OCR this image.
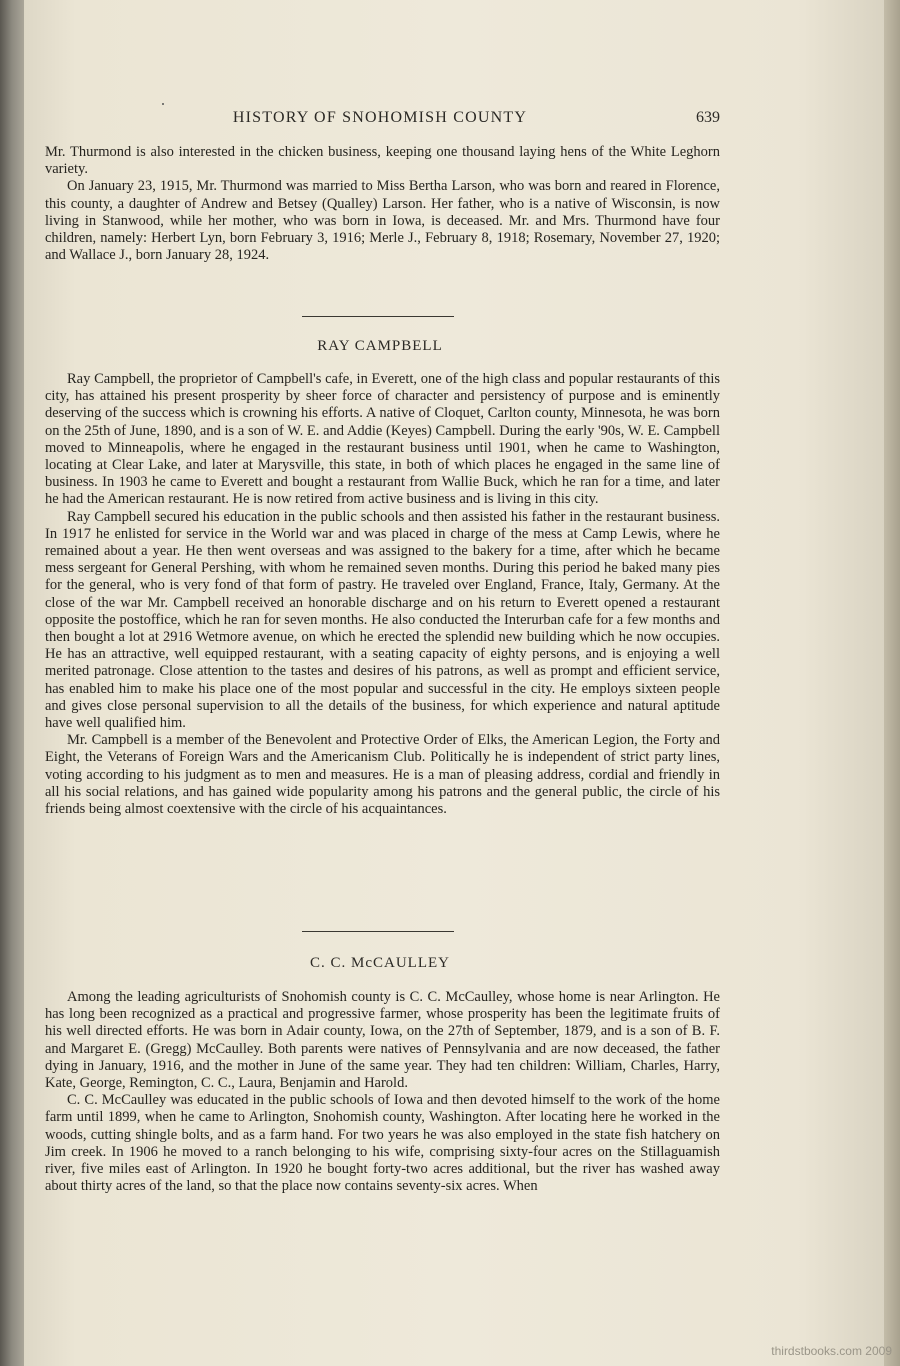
HISTORY OF SNOHOMISH COUNTY	639

Mr. Thurmond is also interested in the chicken business, keeping one thousand laying hens of the White Leghorn variety.

On January 23, 1915, Mr. Thurmond was married to Miss Bertha Larson, who was born and reared in Florence, this county, a daughter of Andrew and Betsey (Qualley) Larson. Her father, who is a native of Wisconsin, is now living in Stanwood, while her mother, who was born in Iowa, is deceased. Mr. and Mrs. Thurmond have four children, namely: Herbert Lyn, born February 3, 1916; Merle J., February 8, 1918; Rosemary, November 27, 1920; and Wallace J., born January 28, 1924.

RAY CAMPBELL

Ray Campbell, the proprietor of Campbell's cafe, in Everett, one of the high class and popular restaurants of this city, has attained his present prosperity by sheer force of character and persistency of purpose and is eminently deserving of the success which is crowning his efforts. A native of Cloquet, Carlton county, Minnesota, he was born on the 25th of June, 1890, and is a son of W. E. and Addie (Keyes) Campbell. During the early '90s, W. E. Campbell moved to Minneapolis, where he engaged in the restaurant business until 1901, when he came to Washington, locating at Clear Lake, and later at Marysville, this state, in both of which places he engaged in the same line of business. In 1903 he came to Everett and bought a restaurant from Wallie Buck, which he ran for a time, and later he had the American restaurant. He is now retired from active business and is living in this city.

Ray Campbell secured his education in the public schools and then assisted his father in the restaurant business. In 1917 he enlisted for service in the World war and was placed in charge of the mess at Camp Lewis, where he remained about a year. He then went overseas and was assigned to the bakery for a time, after which he became mess sergeant for General Pershing, with whom he remained seven months. During this period he baked many pies for the general, who is very fond of that form of pastry. He traveled over England, France, Italy, Germany. At the close of the war Mr. Campbell received an honorable discharge and on his return to Everett opened a restaurant opposite the postoffice, which he ran for seven months. He also conducted the Interurban cafe for a few months and then bought a lot at 2916 Wetmore avenue, on which he erected the splendid new building which he now occupies. He has an attractive, well equipped restaurant, with a seating capacity of eighty persons, and is enjoying a well merited patronage. Close attention to the tastes and desires of his patrons, as well as prompt and efficient service, has enabled him to make his place one of the most popular and successful in the city. He employs sixteen people and gives close personal supervision to all the details of the business, for which experience and natural aptitude have well qualified him.

Mr. Campbell is a member of the Benevolent and Protective Order of Elks, the American Legion, the Forty and Eight, the Veterans of Foreign Wars and the Americanism Club. Politically he is independent of strict party lines, voting according to his judgment as to men and measures. He is a man of pleasing address, cordial and friendly in all his social relations, and has gained wide popularity among his patrons and the general public, the circle of his friends being almost coextensive with the circle of his acquaintances.

C. C. McCAULLEY

Among the leading agriculturists of Snohomish county is C. C. McCaulley, whose home is near Arlington. He has long been recognized as a practical and progressive farmer, whose prosperity has been the legitimate fruits of his well directed efforts. He was born in Adair county, Iowa, on the 27th of September, 1879, and is a son of B. F. and Margaret E. (Gregg) McCaulley. Both parents were natives of Pennsylvania and are now deceased, the father dying in January, 1916, and the mother in June of the same year. They had ten children: William, Charles, Harry, Kate, George, Remington, C. C., Laura, Benjamin and Harold.

C. C. McCaulley was educated in the public schools of Iowa and then devoted himself to the work of the home farm until 1899, when he came to Arlington, Snohomish county, Washington. After locating here he worked in the woods, cutting shingle bolts, and as a farm hand. For two years he was also employed in the state fish hatchery on Jim creek. In 1906 he moved to a ranch belonging to his wife, comprising sixty-four acres on the Stillaguamish river, five miles east of Arlington. In 1920 he bought forty-two acres additional, but the river has washed away about thirty acres of the land, so that the place now contains seventy-six acres. When

thirdstbooks.com 2009
